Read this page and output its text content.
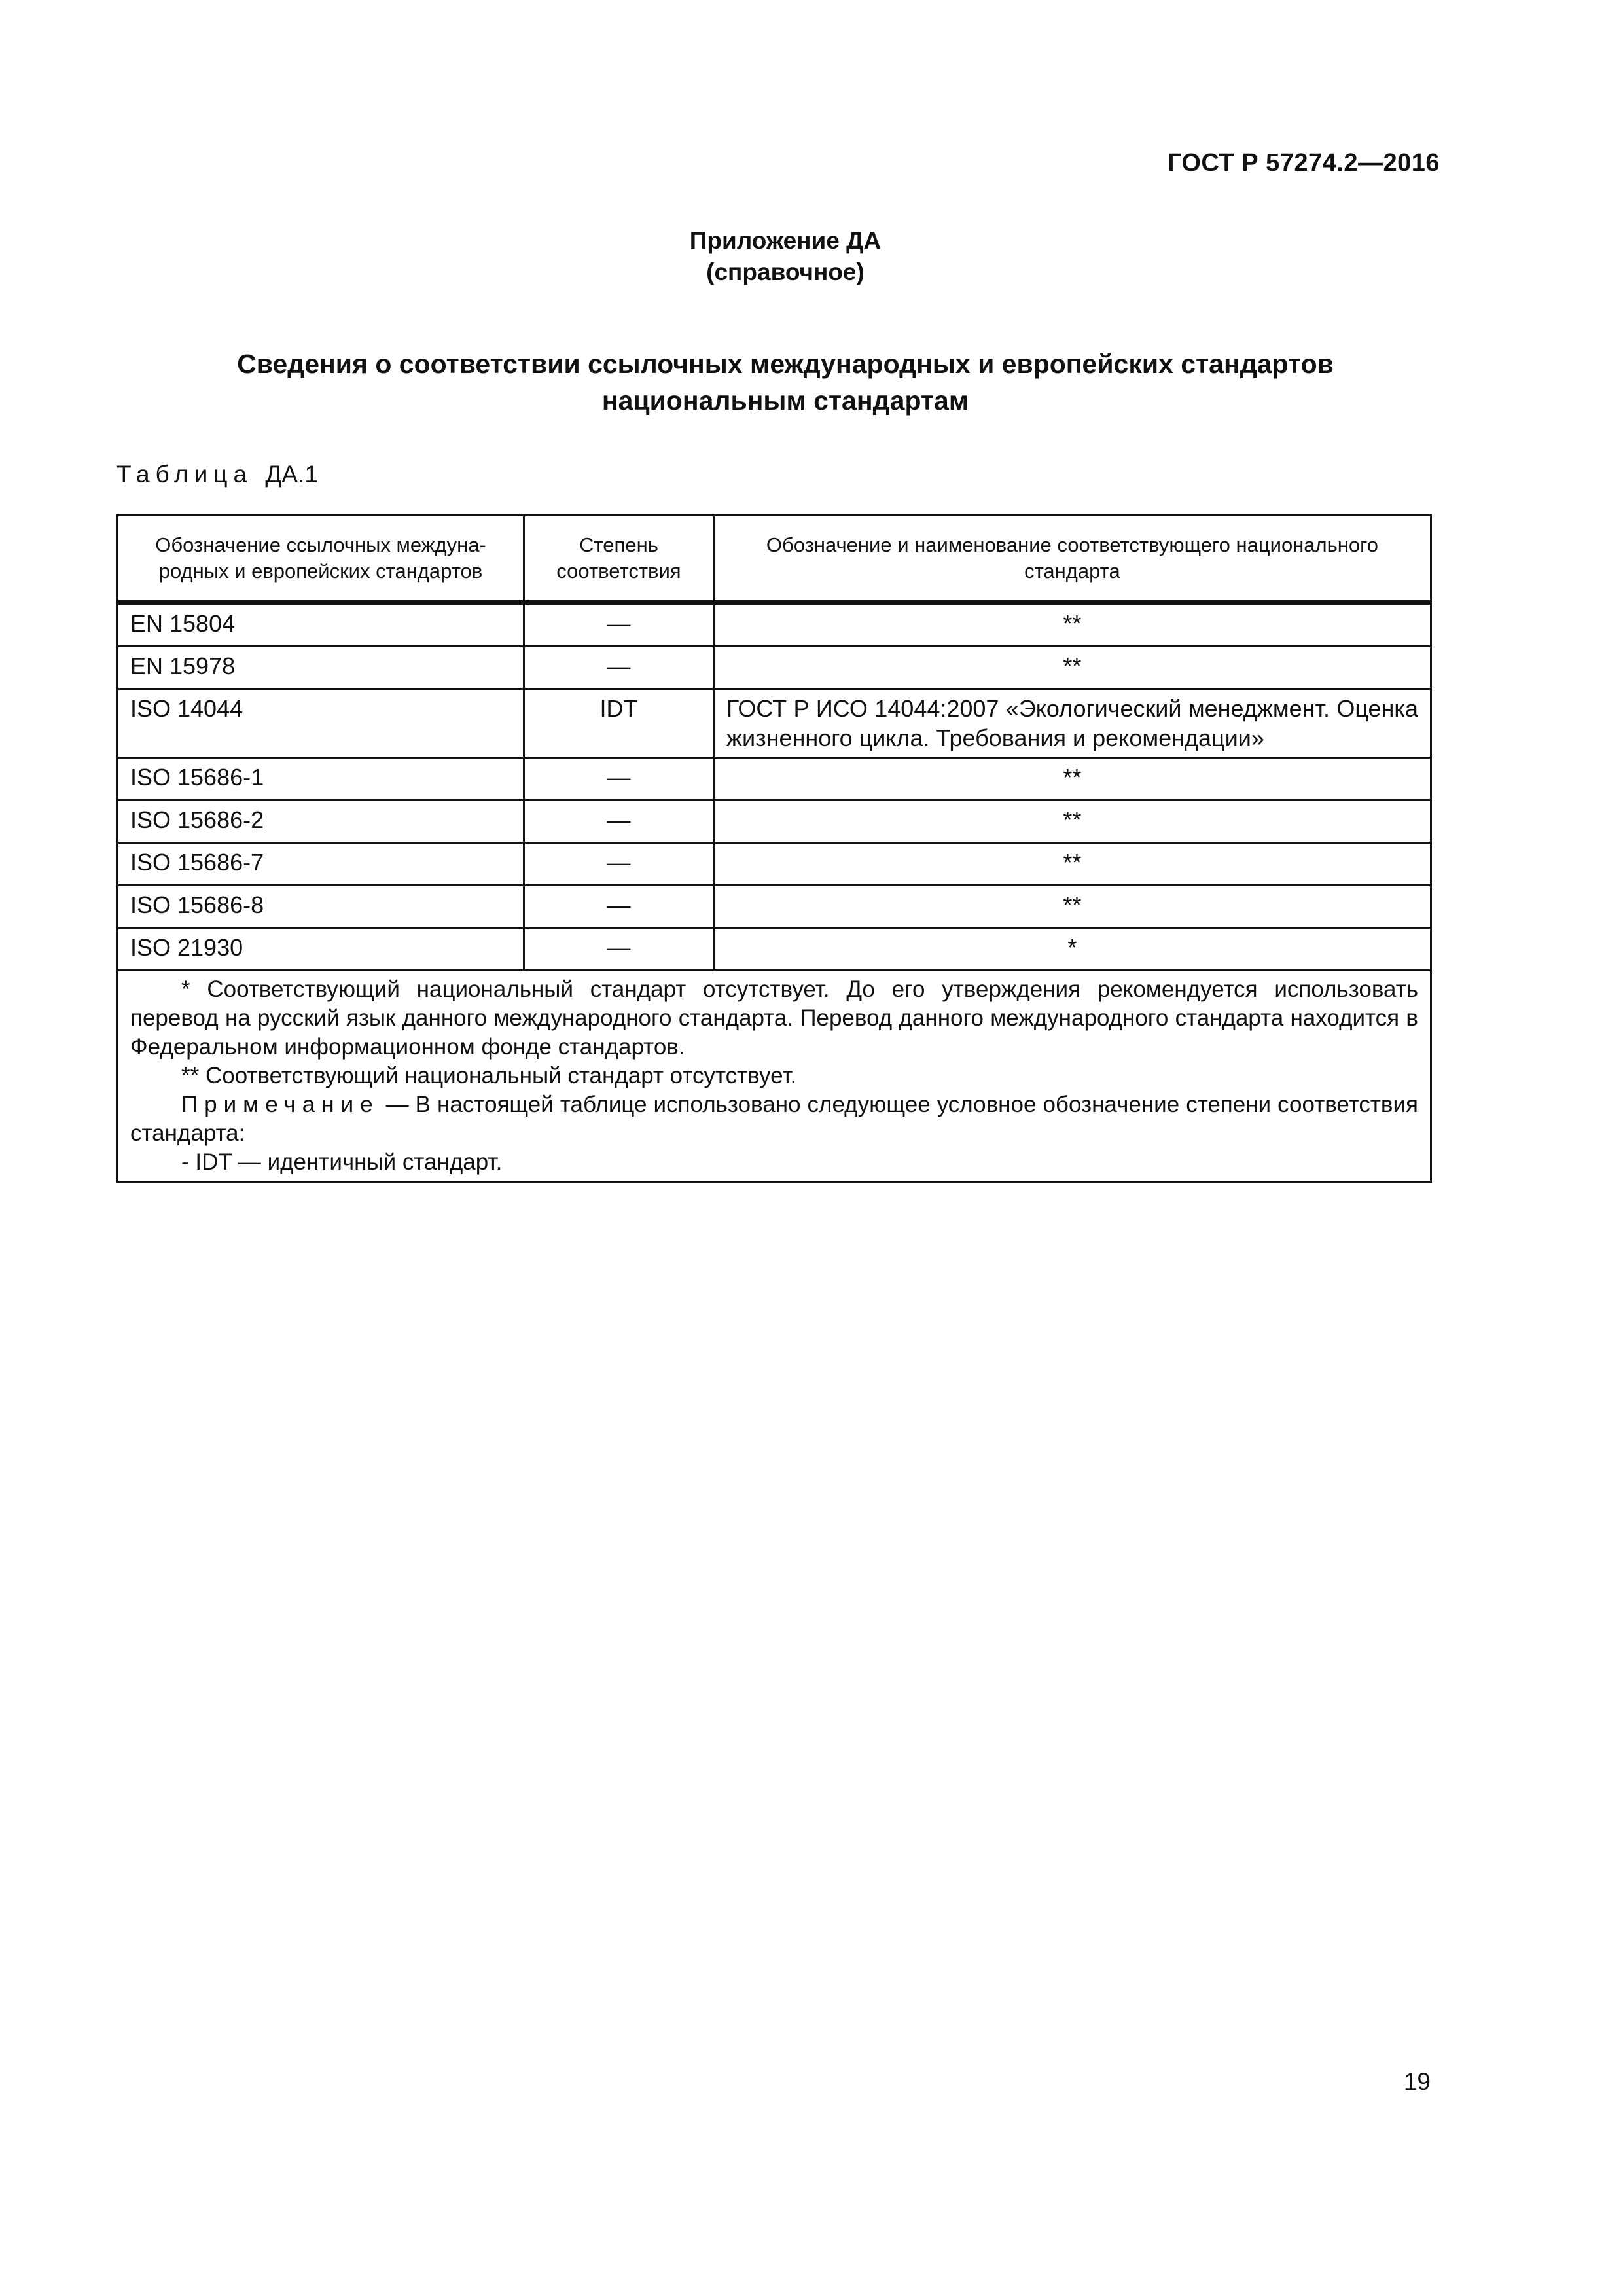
ГОСТ Р 57274.2—2016
Приложение ДА
(справочное)
Сведения о соответствии ссылочных международных и европейских стандартов
национальным стандартам
Таблица ДА.1
Обозначение ссылочных междуна-родных и европейских стандартов	Степень соответствия	Обозначение и наименование соответствующего национального стандарта
EN 15804	—	**
EN 15978	—	**
ISO 14044	IDT	ГОСТ Р ИСО 14044:2007 «Экологический менеджмент. Оценка жизненного цикла. Требования и рекомендации»
ISO 15686-1	—	**
ISO 15686-2	—	**
ISO 15686-7	—	**
ISO 15686-8	—	**
ISO 21930	—	*

* Соответствующий национальный стандарт отсутствует. До его утверждения рекомендуется использовать перевод на русский язык данного международного стандарта. Перевод данного международного стандарта находится в Федеральном информационном фонде стандартов.
** Соответствующий национальный стандарт отсутствует.
Примечание — В настоящей таблице использовано следующее условное обозначение степени соответствия стандарта:
- IDT — идентичный стандарт.		
19
